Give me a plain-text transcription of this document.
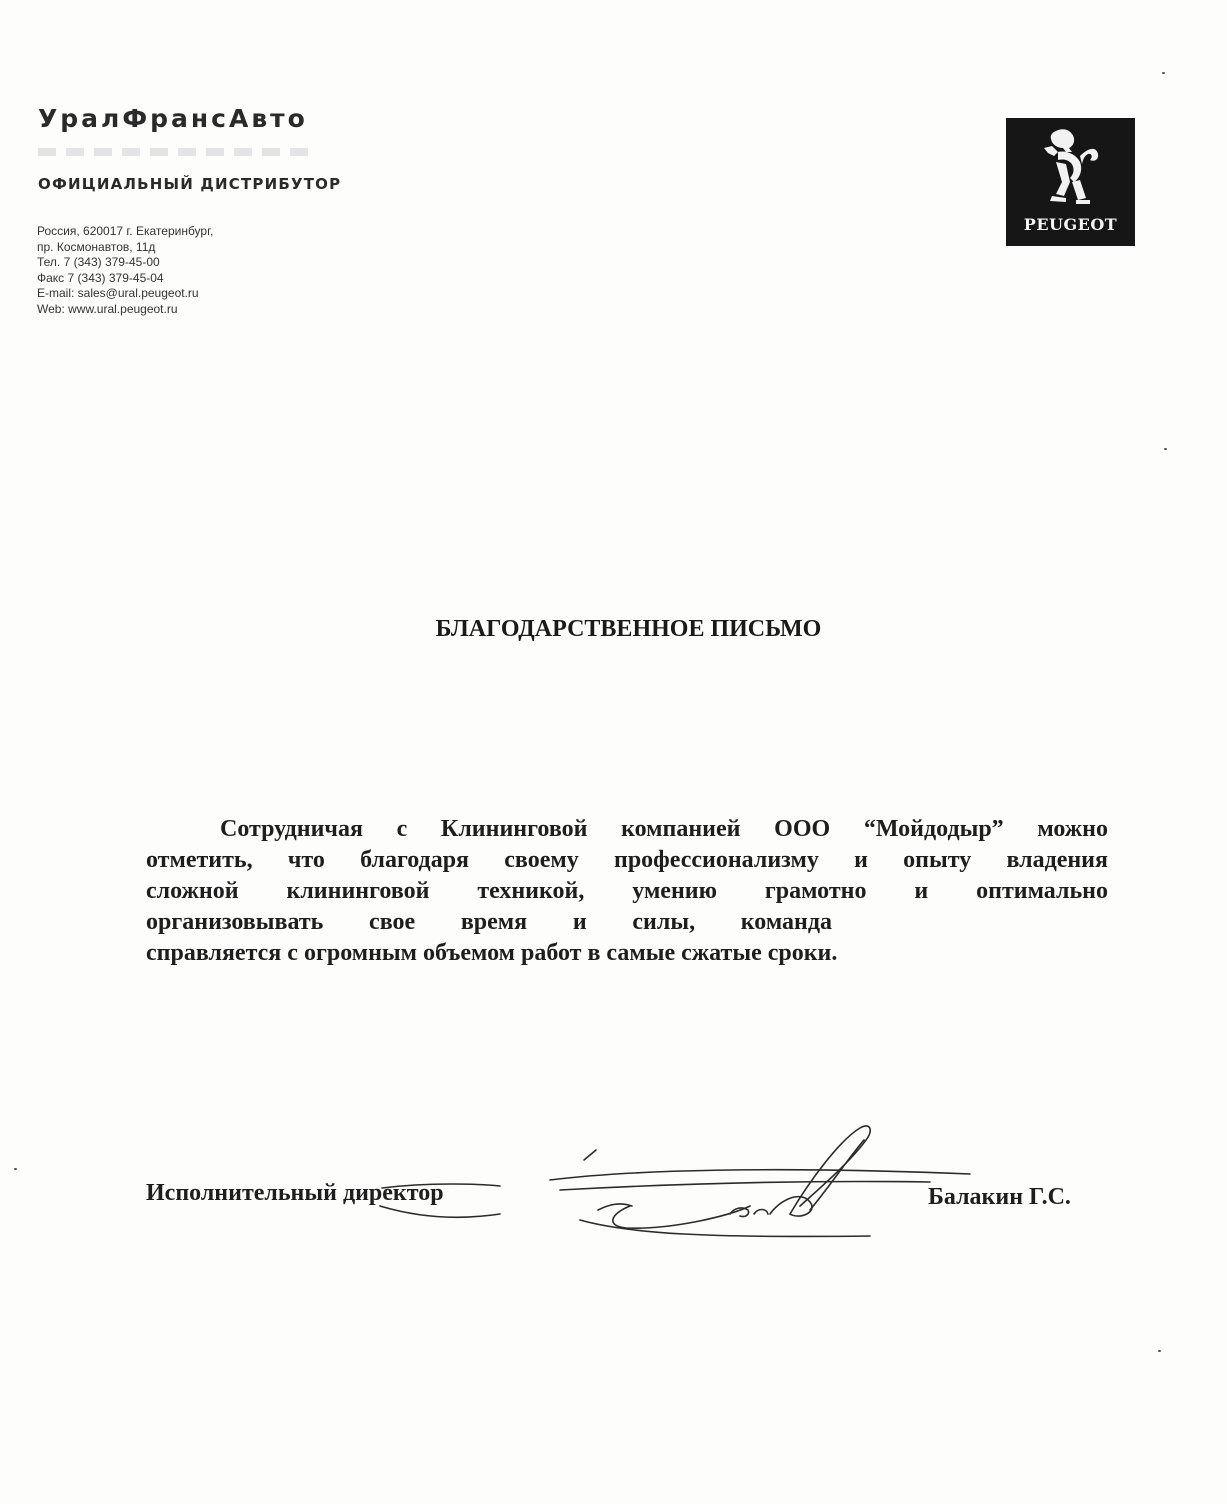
УралФрансАвто
ОФИЦИАЛЬНЫЙ ДИСТРИБУТОР
Россия, 620017 г. Екатеринбург,
пр. Космонавтов, 11д
Тел. 7 (343) 379-45-00
Факс 7 (343) 379-45-04
E-mail: sales@ural.peugeot.ru
Web: www.ural.peugeot.ru
PEUGEOT
БЛАГОДАРСТВЕННОЕ ПИСЬМО
Сотрудничая с Клининговой компанией ООО “Мойдодыр” можно
отметить, что благодаря своему профессионализму и опыту владения
сложной клининговой техникой, умению грамотно и оптимально
организовывать свое время и силы, команда
справляется с огромным объемом работ в самые сжатые сроки.
Исполнительный директор	Балакин Г.С.
